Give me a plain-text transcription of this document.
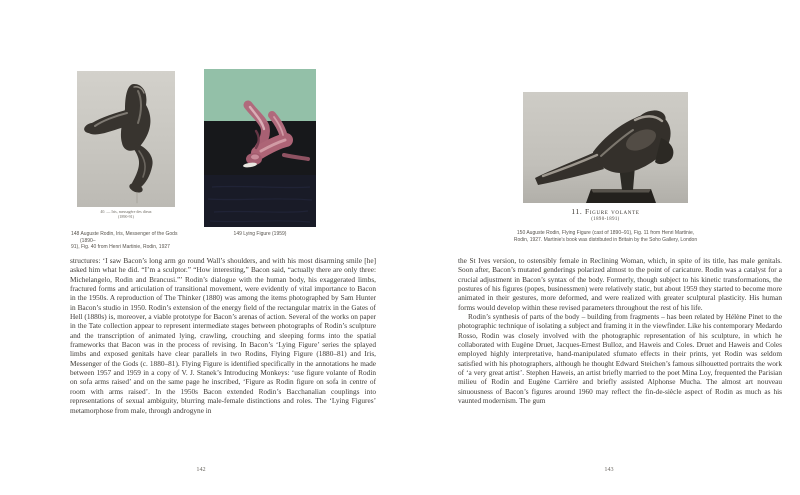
40. — Iris, messagère des dieux
(1890-91)
148 Auguste Rodin, Iris, Messenger of the Gods (1890–
91), Fig. 40 from Henri Martinie, Rodin, 1927
149 Lying Figure (1959)

structures: ‘I saw Bacon’s long arm go round Wall’s shoulders, and with his most disarming smile [he] asked him what he did. “I’m a sculptor.” “How interesting,” Bacon said, “actually there are only three: Michelangelo, Rodin and Brancusi.”’ Rodin’s dialogue with the human body, his exaggerated limbs, fractured forms and articulation of transitional movement, were evidently of vital importance to Bacon in the 1950s. A reproduction of The Thinker (1880) was among the items photographed by Sam Hunter in Bacon’s studio in 1950. Rodin’s extension of the energy field of the rectangular matrix in the Gates of Hell (1880s) is, moreover, a viable prototype for Bacon’s arenas of action. Several of the works on paper in the Tate collection appear to represent intermediate stages between photographs of Rodin’s sculpture and the transcription of animated lying, crawling, crouching and sleeping forms into the spatial frameworks that Bacon was in the process of revising. In Bacon’s ‘Lying Figure’ series the splayed limbs and exposed genitals have clear parallels in two Rodins, Flying Figure (1880–81) and Iris, Messenger of the Gods (c. 1880–81). Flying Figure is identified specifically in the annotations he made between 1957 and 1959 in a copy of V. J. Stanek’s Introducing Monkeys: ‘use figure volante of Rodin on sofa arms raised’ and on the same page he inscribed, ‘Figure as Rodin figure on sofa in centre of room with arms raised’. In the 1950s Bacon extended Rodin’s Bacchanalian couplings into representations of sexual ambiguity, blurring male-female distinctions and roles. The ‘Lying Figures’ metamorphose from male, through androgyne in

142
11. Figure volante
(1890-1891)
150 Auguste Rodin, Flying Figure (cast of 1890–91), Fig. 11 from Henri Martinie,
Rodin, 1927. Martinie’s book was distributed in Britain by the Soho Gallery, London

the St Ives version, to ostensibly female in Reclining Woman, which, in spite of its title, has male genitals. Soon after, Bacon’s mutated genderings polarized almost to the point of caricature. Rodin was a catalyst for a crucial adjustment in Bacon’s syntax of the body. Formerly, though subject to his kinetic transformations, the postures of his figures (popes, businessmen) were relatively static, but about 1959 they started to become more animated in their gestures, more deformed, and were realized with greater sculptural plasticity. His human forms would develop within these revised parameters throughout the rest of his life.

Rodin’s synthesis of parts of the body – building from fragments – has been related by Hélène Pinet to the photographic technique of isolating a subject and framing it in the viewfinder. Like his contemporary Medardo Rosso, Rodin was closely involved with the photographic representation of his sculpture, in which he collaborated with Eugène Druet, Jacques-Ernest Bulloz, and Haweis and Coles. Druet and Haweis and Coles employed highly interpretative, hand-manipulated sfumato effects in their prints, yet Rodin was seldom satisfied with his photographers, although he thought Edward Steichen’s famous silhouetted portraits the work of ‘a very great artist’. Stephen Haweis, an artist briefly married to the poet Mina Loy, frequented the Parisian milieu of Rodin and Eugène Carrière and briefly assisted Alphonse Mucha. The almost art nouveau sinuousness of Bacon’s figures around 1960 may reflect the fin-de-siècle aspect of Rodin as much as his vaunted modernism. The gum

143
